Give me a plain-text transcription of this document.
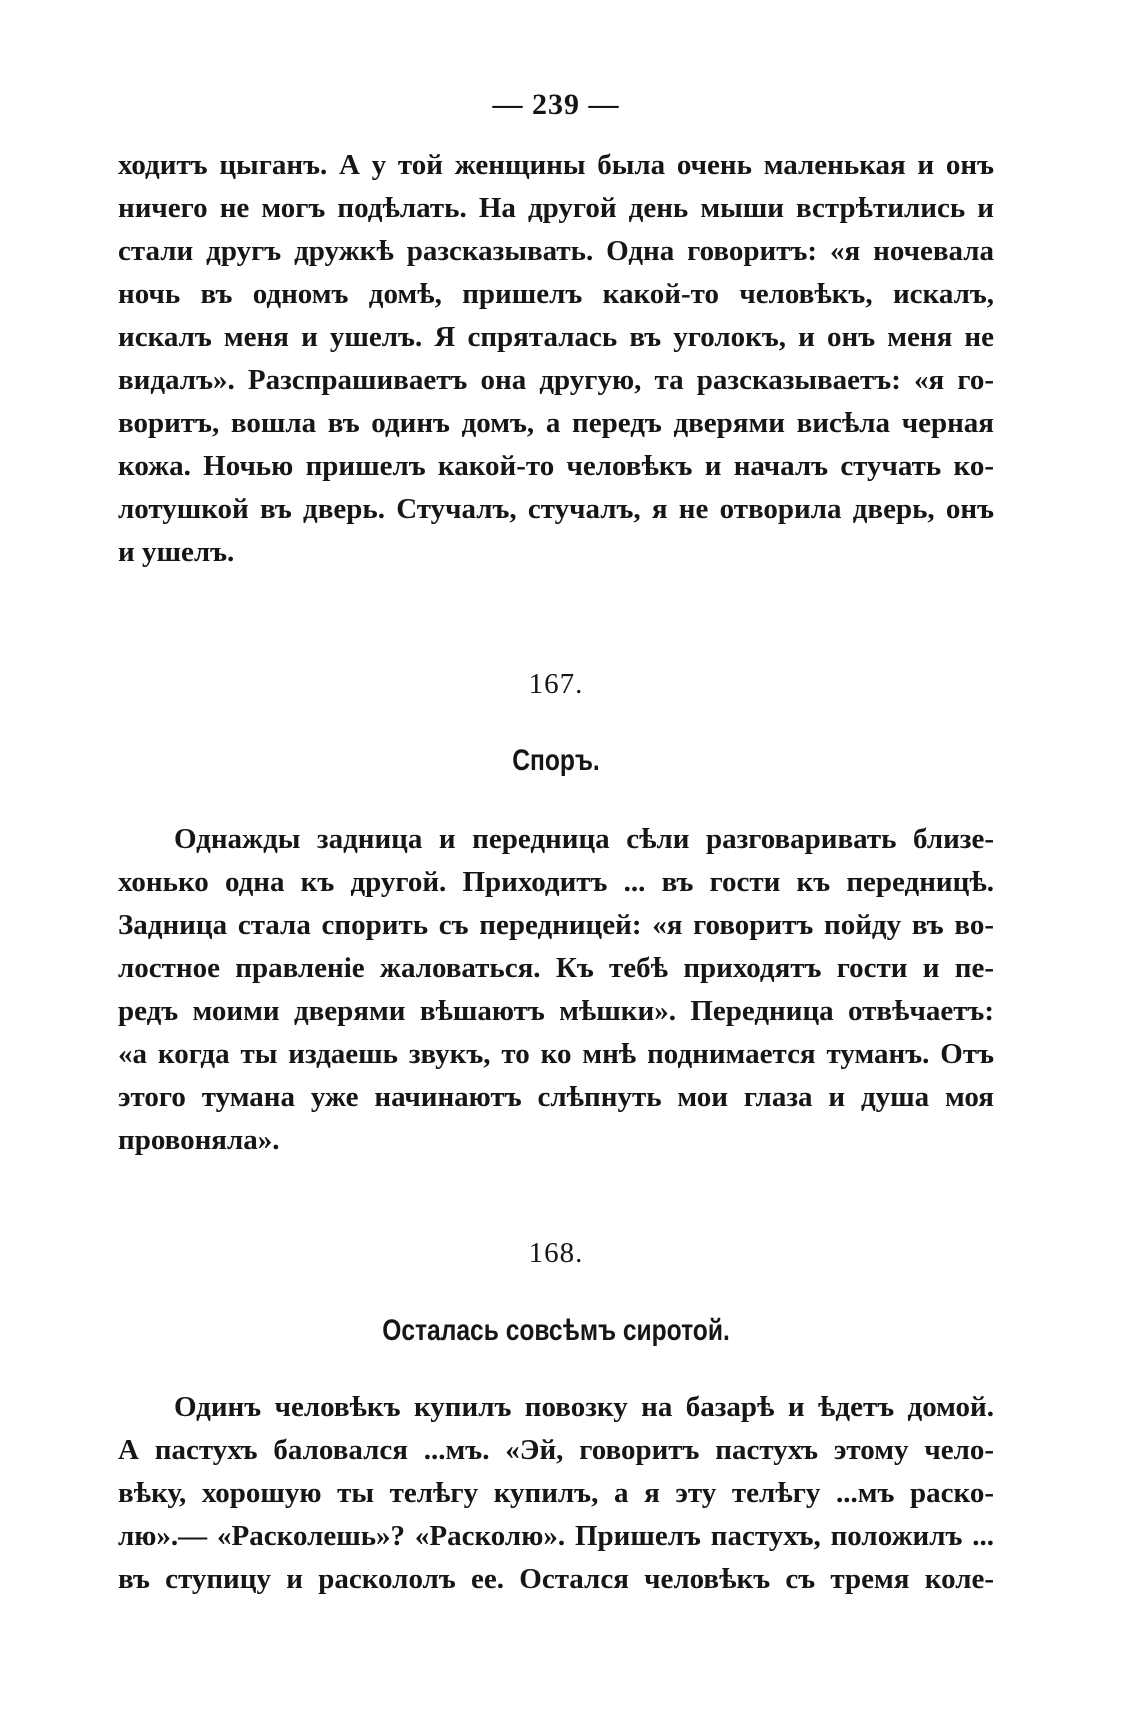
— 239 —
ходитъ цыганъ. А у той женщины была очень маленькая и онъ
ничего не могъ подѣлать. На другой день мыши встрѣтились и
стали другъ дружкѣ разсказывать. Одна говоритъ: «я ночевала
ночь въ одномъ домѣ, пришелъ какой-то человѣкъ, искалъ,
искалъ меня и ушелъ. Я спряталась въ уголокъ, и онъ меня не
видалъ». Разспрашиваетъ она другую, та разсказываетъ: «я го-
воритъ, вошла въ одинъ домъ, а передъ дверями висѣла черная
кожа. Ночью пришелъ какой-то человѣкъ и началъ стучать ко-
лотушкой въ дверь. Стучалъ, стучалъ, я не отворила дверь, онъ
и ушелъ.
167.
Споръ.
Однажды задница и передница сѣли разговаривать близе-
хонько одна къ другой. Приходитъ ... въ гости къ передницѣ.
Задница стала спорить съ передницей: «я говоритъ пойду въ во-
лостное правленіе жаловаться. Къ тебѣ приходятъ гости и пе-
редъ моими дверями вѣшаютъ мѣшки». Передница отвѣчаетъ:
«а когда ты издаешь звукъ, то ко мнѣ поднимается туманъ. Отъ
этого тумана уже начинаютъ слѣпнуть мои глаза и душа моя
провоняла».
168.
Осталась совсѣмъ сиротой.
Одинъ человѣкъ купилъ повозку на базарѣ и ѣдетъ домой.
А пастухъ баловался ...мъ. «Эй, говоритъ пастухъ этому чело-
вѣку, хорошую ты телѣгу купилъ, а я эту телѣгу ...мъ раско-
лю».— «Расколешь»? «Расколю». Пришелъ пастухъ, положилъ ...
въ ступицу и раскололъ ее. Остался человѣкъ съ тремя коле-
